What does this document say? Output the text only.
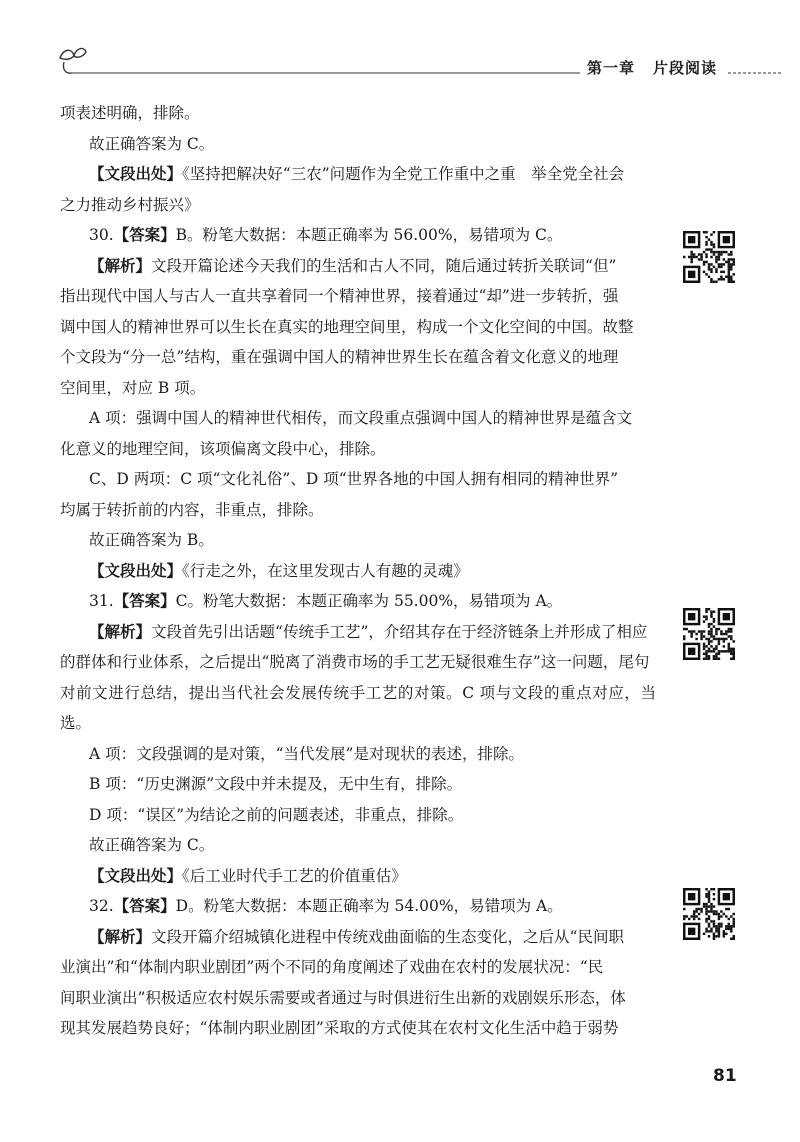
第一章 片段阅读

项表述明确，排除。

故正确答案为 C。

【文段出处】《坚持把解决好“三农”问题作为全党工作重中之重　举全党全社会

之力推动乡村振兴》

30.【答案】B。粉笔大数据：本题正确率为 56.00%，易错项为 C。

【解析】文段开篇论述今天我们的生活和古人不同，随后通过转折关联词“但”

指出现代中国人与古人一直共享着同一个精神世界，接着通过“却”进一步转折，强

调中国人的精神世界可以生长在真实的地理空间里，构成一个文化空间的中国。故整

个文段为“分一总”结构，重在强调中国人的精神世界生长在蕴含着文化意义的地理

空间里，对应 B 项。

A 项：强调中国人的精神世代相传，而文段重点强调中国人的精神世界是蕴含文

化意义的地理空间，该项偏离文段中心，排除。

C、D 两项：C 项“文化礼俗”、D 项“世界各地的中国人拥有相同的精神世界”

均属于转折前的内容，非重点，排除。

故正确答案为 B。

【文段出处】《行走之外，在这里发现古人有趣的灵魂》

31.【答案】C。粉笔大数据：本题正确率为 55.00%，易错项为 A。

【解析】文段首先引出话题“传统手工艺”，介绍其存在于经济链条上并形成了相应

的群体和行业体系，之后提出“脱离了消费市场的手工艺无疑很难生存”这一问题，尾句

对前文进行总结，提出当代社会发展传统手工艺的对策。C 项与文段的重点对应，当选。

A 项：文段强调的是对策，“当代发展”是对现状的表述，排除。

B 项：“历史渊源”文段中并未提及，无中生有，排除。

D 项：“误区”为结论之前的问题表述，非重点，排除。

故正确答案为 C。

【文段出处】《后工业时代手工艺的价值重估》

32.【答案】D。粉笔大数据：本题正确率为 54.00%，易错项为 A。

【解析】文段开篇介绍城镇化进程中传统戏曲面临的生态变化，之后从“民间职

业演出”和“体制内职业剧团”两个不同的角度阐述了戏曲在农村的发展状况：“民

间职业演出”积极适应农村娱乐需要或者通过与时俱进衍生出新的戏剧娱乐形态，体

现其发展趋势良好；“体制内职业剧团”采取的方式使其在农村文化生活中趋于弱势

81
